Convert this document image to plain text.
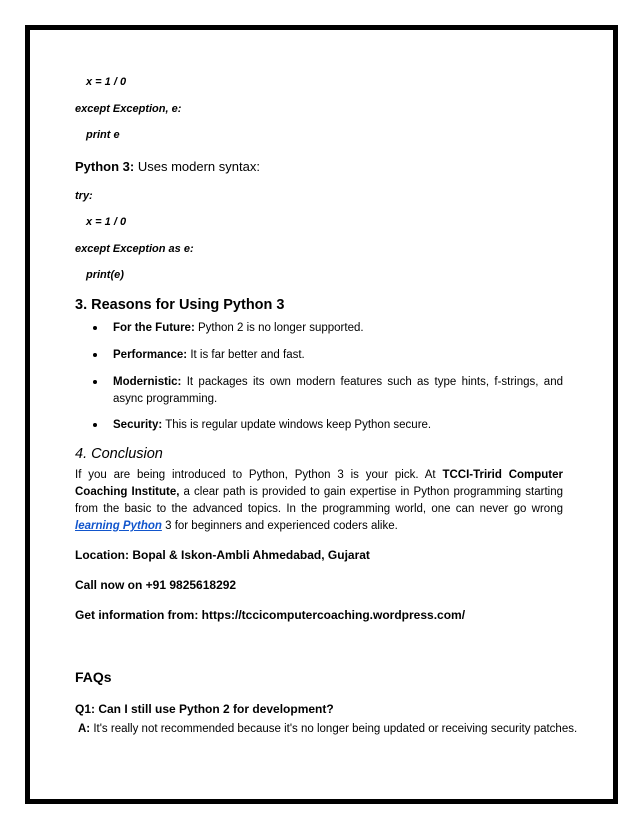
x = 1 / 0
except Exception, e:
print e
Python 3: Uses modern syntax:
try:
x = 1 / 0
except Exception as e:
print(e)
3. Reasons for Using Python 3
For the Future: Python 2 is no longer supported.
Performance: It is far better and fast.
Modernistic: It packages its own modern features such as type hints, f-strings, and async programming.
Security: This is regular update windows keep Python secure.
4. Conclusion
If you are being introduced to Python, Python 3 is your pick. At TCCI-Tririd Computer Coaching Institute, a clear path is provided to gain expertise in Python programming starting from the basic to the advanced topics. In the programming world, one can never go wrong learning Python 3 for beginners and experienced coders alike.
Location: Bopal & Iskon-Ambli Ahmedabad, Gujarat
Call now on +91 9825618292
Get information from: https://tccicomputercoaching.wordpress.com/
FAQs
Q1: Can I still use Python 2 for development?
A: It's really not recommended because it's no longer being updated or receiving security patches.
